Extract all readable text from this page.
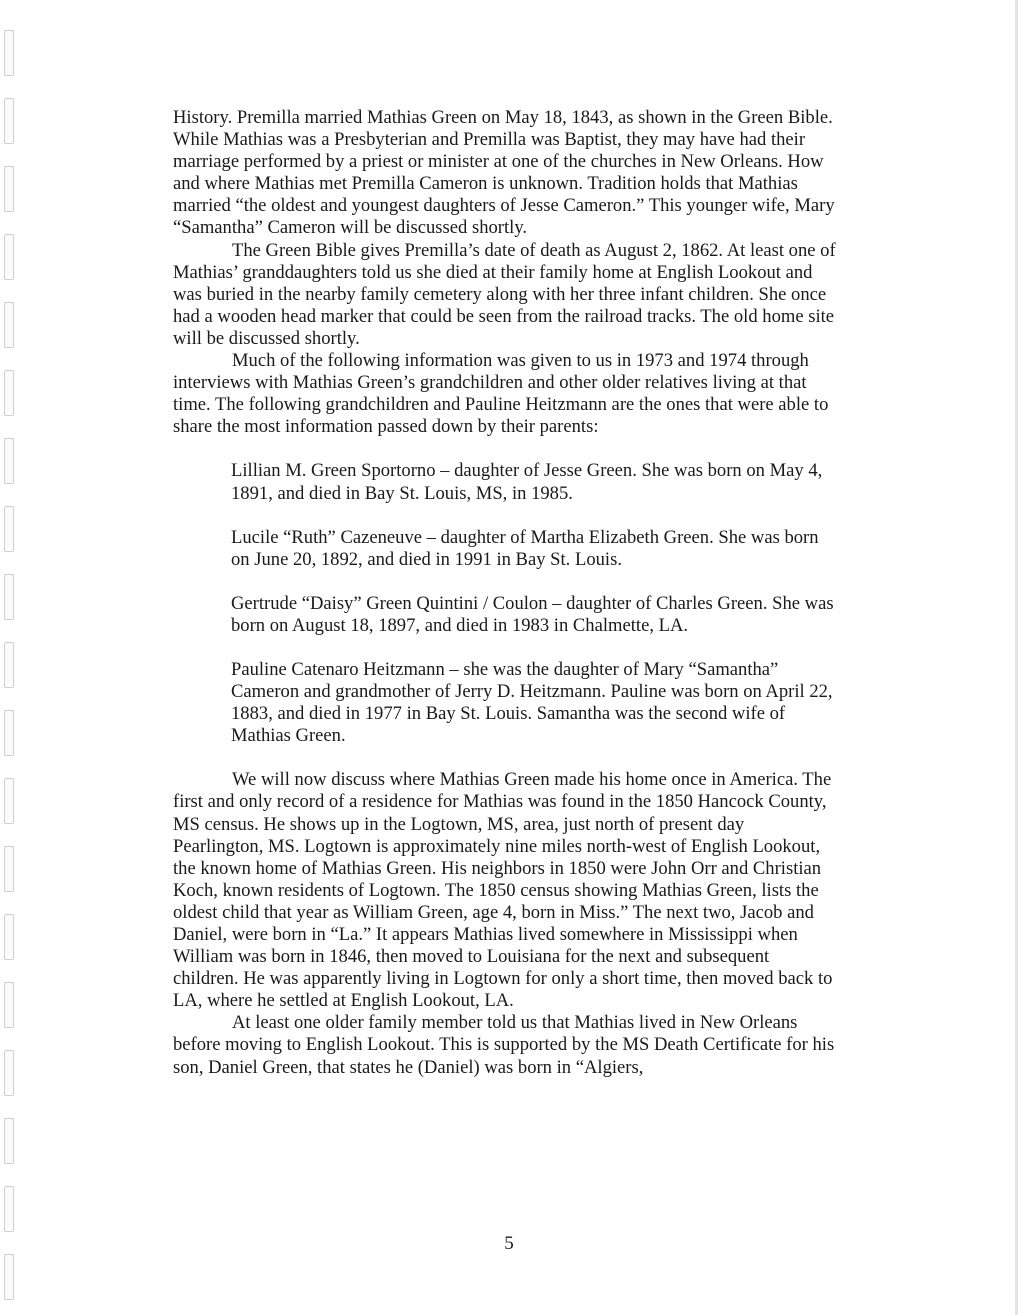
History. Premilla married Mathias Green on May 18, 1843, as shown in the Green Bible. While Mathias was a Presbyterian and Premilla was Baptist, they may have had their marriage performed by a priest or minister at one of the churches in New Orleans. How and where Mathias met Premilla Cameron is unknown. Tradition holds that Mathias married “the oldest and youngest daughters of Jesse Cameron.” This younger wife, Mary “Samantha” Cameron will be discussed shortly.

The Green Bible gives Premilla’s date of death as August 2, 1862. At least one of Mathias’ granddaughters told us she died at their family home at English Lookout and was buried in the nearby family cemetery along with her three infant children. She once had a wooden head marker that could be seen from the railroad tracks. The old home site will be discussed shortly.

Much of the following information was given to us in 1973 and 1974 through interviews with Mathias Green’s grandchildren and other older relatives living at that time. The following grandchildren and Pauline Heitzmann are the ones that were able to share the most information passed down by their parents:

Lillian M. Green Sportorno – daughter of Jesse Green. She was born on May 4, 1891, and died in Bay St. Louis, MS, in 1985.

Lucile “Ruth” Cazeneuve – daughter of Martha Elizabeth Green. She was born on June 20, 1892, and died in 1991 in Bay St. Louis.

Gertrude “Daisy” Green Quintini / Coulon – daughter of Charles Green. She was born on August 18, 1897, and died in 1983 in Chalmette, LA.

Pauline Catenaro Heitzmann – she was the daughter of Mary “Samantha” Cameron and grandmother of Jerry D. Heitzmann. Pauline was born on April 22, 1883, and died in 1977 in Bay St. Louis. Samantha was the second wife of Mathias Green.

We will now discuss where Mathias Green made his home once in America. The first and only record of a residence for Mathias was found in the 1850 Hancock County, MS census. He shows up in the Logtown, MS, area, just north of present day Pearlington, MS. Logtown is approximately nine miles north-west of English Lookout, the known home of Mathias Green. His neighbors in 1850 were John Orr and Christian Koch, known residents of Logtown. The 1850 census showing Mathias Green, lists the oldest child that year as William Green, age 4, born in Miss.” The next two, Jacob and Daniel, were born in “La.” It appears Mathias lived somewhere in Mississippi when William was born in 1846, then moved to Louisiana for the next and subsequent children. He was apparently living in Logtown for only a short time, then moved back to LA, where he settled at English Lookout, LA.

At least one older family member told us that Mathias lived in New Orleans before moving to English Lookout. This is supported by the MS Death Certificate for his son, Daniel Green, that states he (Daniel) was born in “Algiers,

5
